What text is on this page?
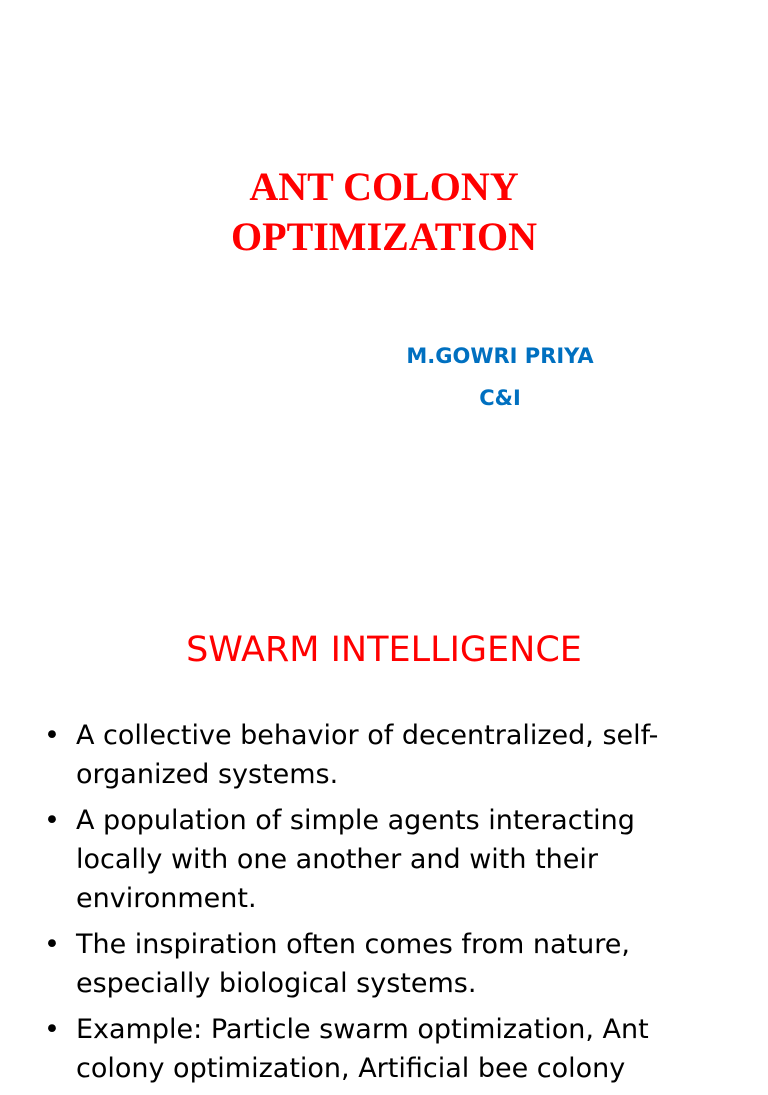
ANT COLONY
OPTIMIZATION
M.GOWRI PRIYA
C&I
SWARM INTELLIGENCE
• A collective behavior of decentralized, self-organized systems.
• A population of simple agents interacting locally with one another and with their environment.
• The inspiration often comes from nature, especially biological systems.
• Example: Particle swarm optimization, Ant colony optimization, Artificial bee colony
